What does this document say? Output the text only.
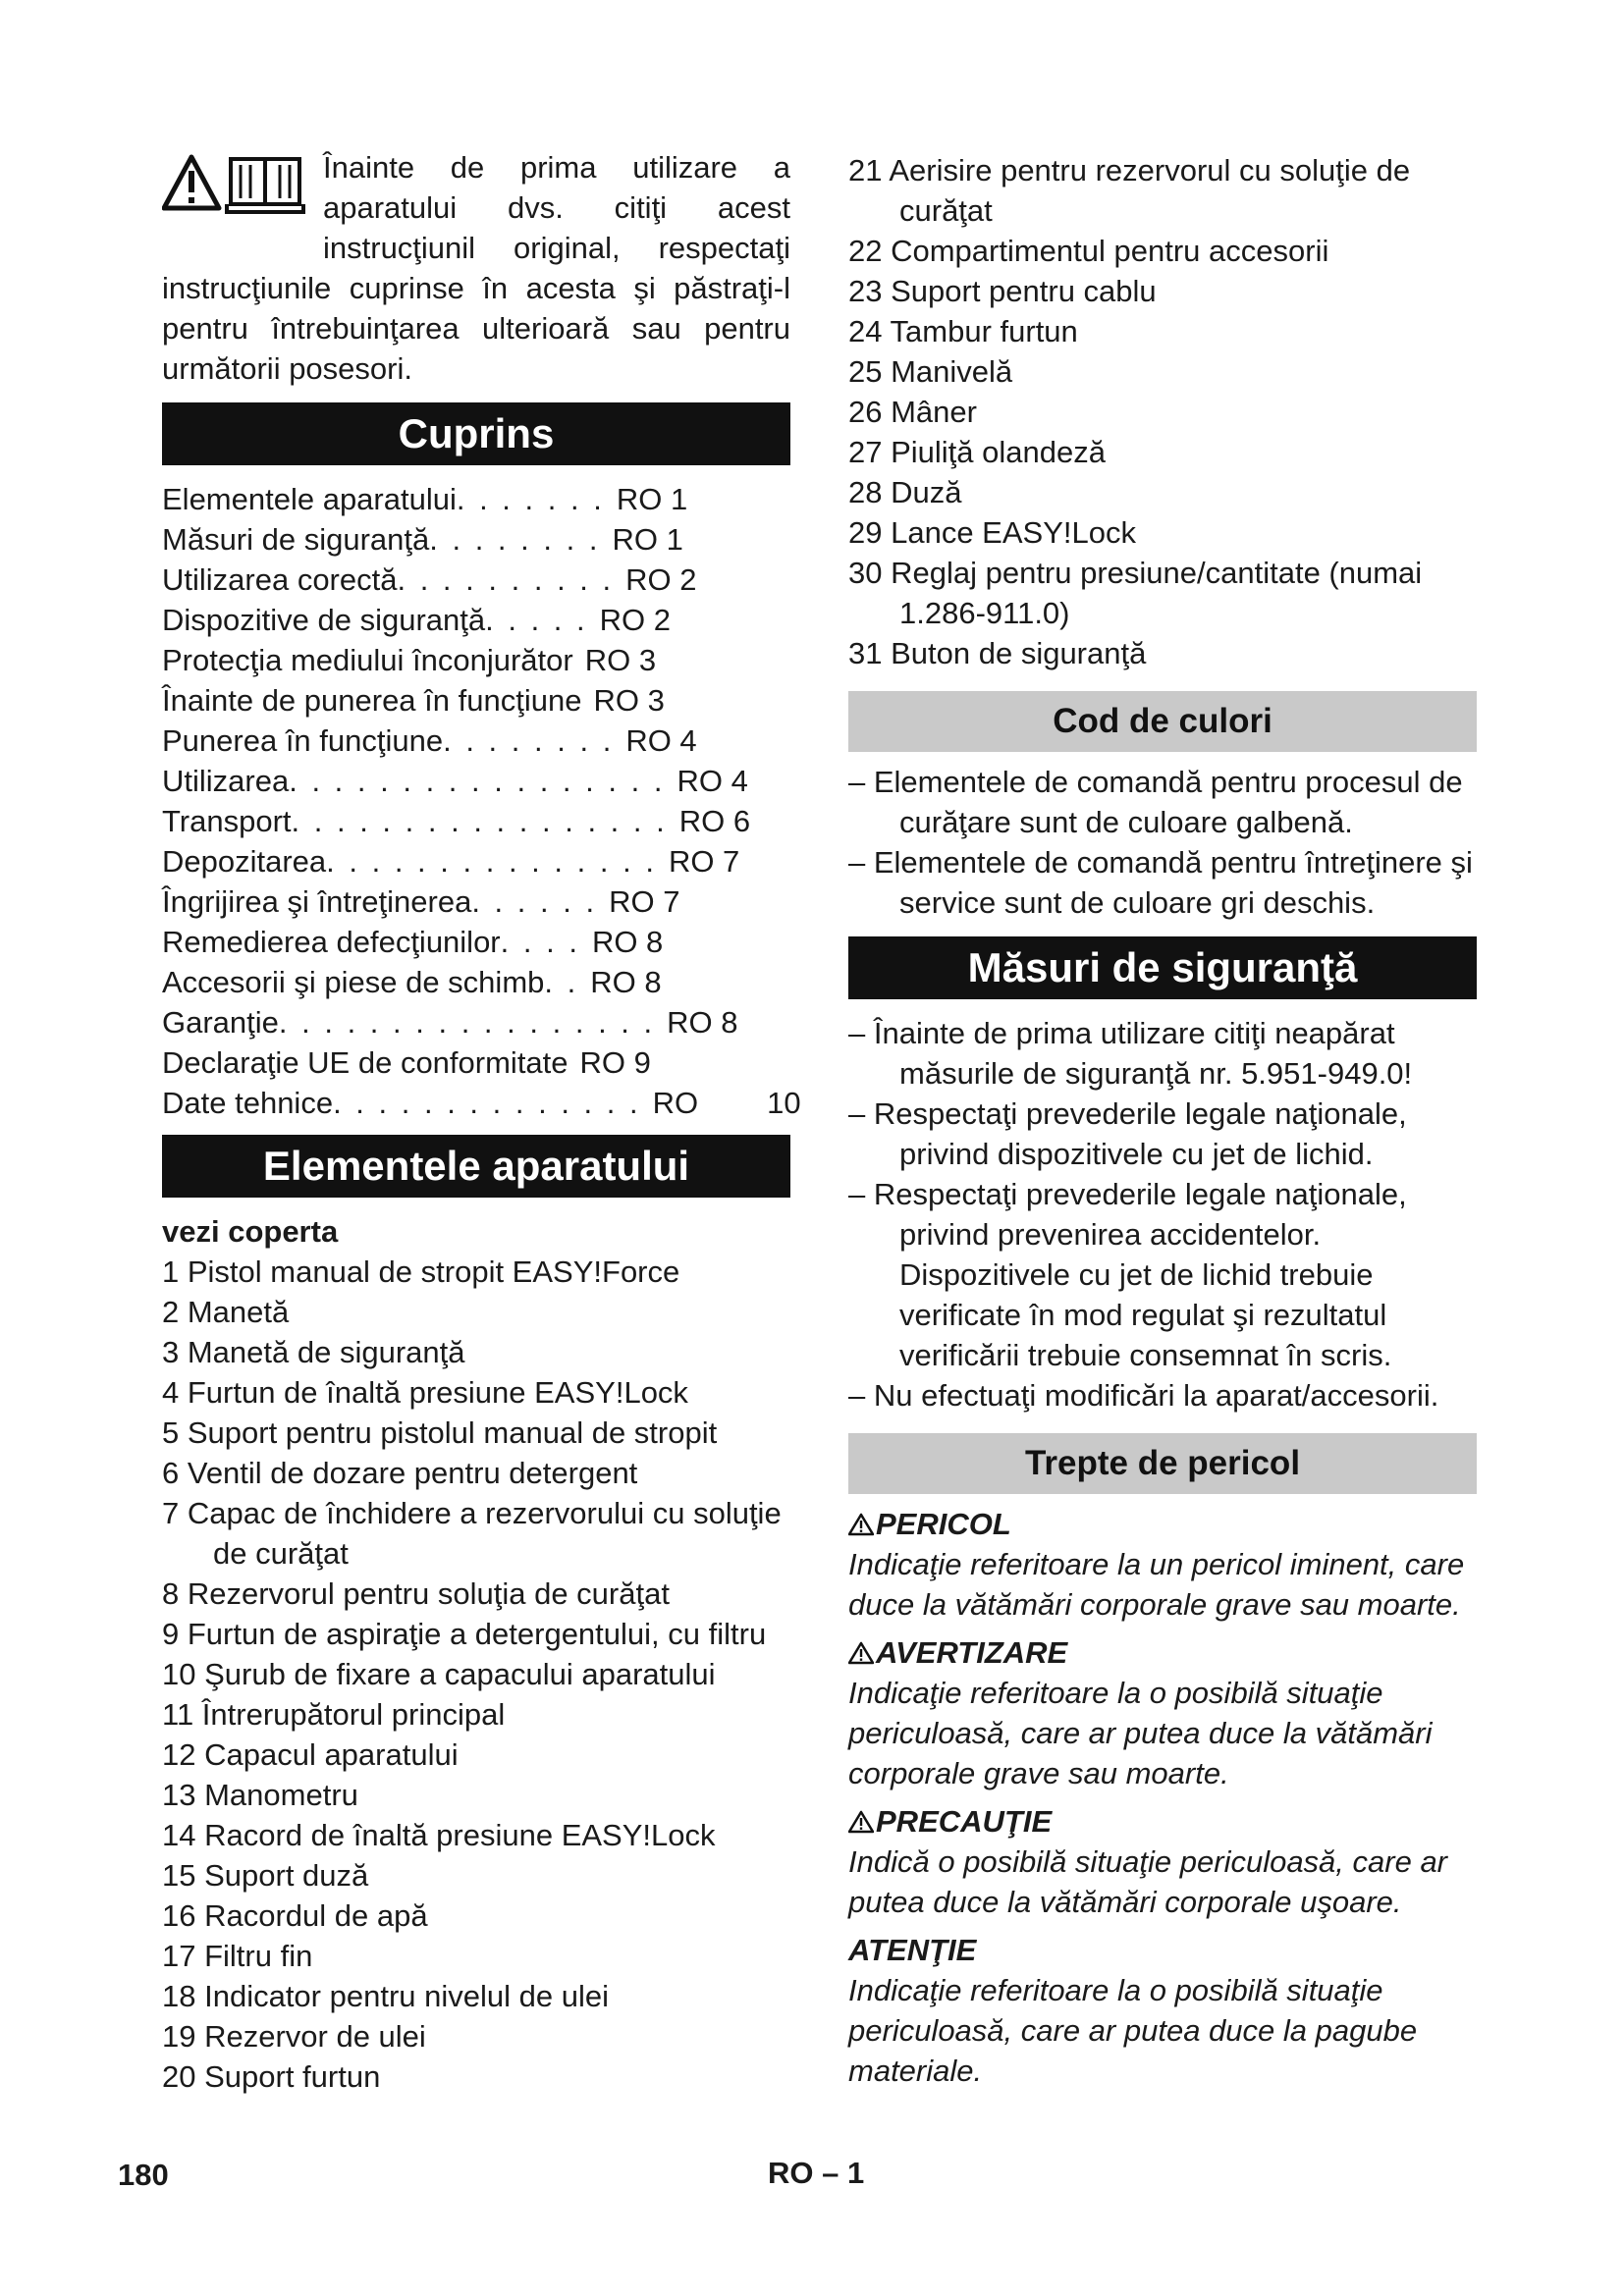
Înainte de prima utilizare a aparatului dvs. citiţi acest instrucţiunil original, respectaţi instrucţiunile cuprinse în acesta şi păstraţi-l pentru întrebuinţarea ulterioară sau pentru următorii posesori.
Cuprins
Elementele aparatului . . . . . . . RO 1
Măsuri de siguranţă . . . . . . . . RO 1
Utilizarea corectă . . . . . . . . . . RO 2
Dispozitive de siguranţă . . . . . RO 2
Protecţia mediului înconjurător RO 3
Înainte de punerea în funcţiune RO 3
Punerea în funcţiune . . . . . . . . RO 4
Utilizarea . . . . . . . . . . . . . . . . . RO 4
Transport . . . . . . . . . . . . . . . . . RO 6
Depozitarea . . . . . . . . . . . . . . . RO 7
Îngrijirea şi întreţinerea . . . . . . RO 7
Remedierea defecţiunilor . . . . RO 8
Accesorii şi piese de schimb . . RO 8
Garanţie . . . . . . . . . . . . . . . . . RO 8
Declaraţie UE de conformitate RO 9
Date tehnice . . . . . . . . . . . . . . RO 10
Elementele aparatului
vezi coperta
1 Pistol manual de stropit EASY!Force
2 Manetă
3 Manetă de siguranţă
4 Furtun de înaltă presiune EASY!Lock
5 Suport pentru pistolul manual de stropit
6 Ventil de dozare pentru detergent
7 Capac de închidere a rezervorului cu soluţie de curăţat
8 Rezervorul pentru soluţia de curăţat
9 Furtun de aspiraţie a detergentului, cu filtru
10 Şurub de fixare a capacului aparatului
11 Întrerupătorul principal
12 Capacul aparatului
13 Manometru
14 Racord de înaltă presiune EASY!Lock
15 Suport duză
16 Racordul de apă
17 Filtru fin
18 Indicator pentru nivelul de ulei
19 Rezervor de ulei
20 Suport furtun
21 Aerisire pentru rezervorul cu soluţie de curăţat
22 Compartimentul pentru accesorii
23 Suport pentru cablu
24 Tambur furtun
25 Manivelă
26 Mâner
27 Piuliţă olandeză
28 Duză
29 Lance EASY!Lock
30 Reglaj pentru presiune/cantitate (numai 1.286-911.0)
31 Buton de siguranţă
Cod de culori
– Elementele de comandă pentru procesul de curăţare sunt de culoare galbenă.
– Elementele de comandă pentru întreţinere şi service sunt de culoare gri deschis.
Măsuri de siguranţă
– Înainte de prima utilizare citiţi neapărat măsurile de siguranţă nr. 5.951-949.0!
– Respectaţi prevederile legale naţionale, privind dispozitivele cu jet de lichid.
– Respectaţi prevederile legale naţionale, privind prevenirea accidentelor. Dispozitivele cu jet de lichid trebuie verificate în mod regulat şi rezultatul verificării trebuie consemnat în scris.
– Nu efectuaţi modificări la aparat/accesorii.
Trepte de pericol
PERICOL
Indicaţie referitoare la un pericol iminent, care duce la vătămări corporale grave sau moarte.
AVERTIZARE
Indicaţie referitoare la o posibilă situaţie periculoasă, care ar putea duce la vătămări corporale grave sau moarte.
PRECAUŢIE
Indică o posibilă situaţie periculoasă, care ar putea duce la vătămări corporale uşoare.
ATENŢIE
Indicaţie referitoare la o posibilă situaţie periculoasă, care ar putea duce la pagube materiale.
180	RO – 1
